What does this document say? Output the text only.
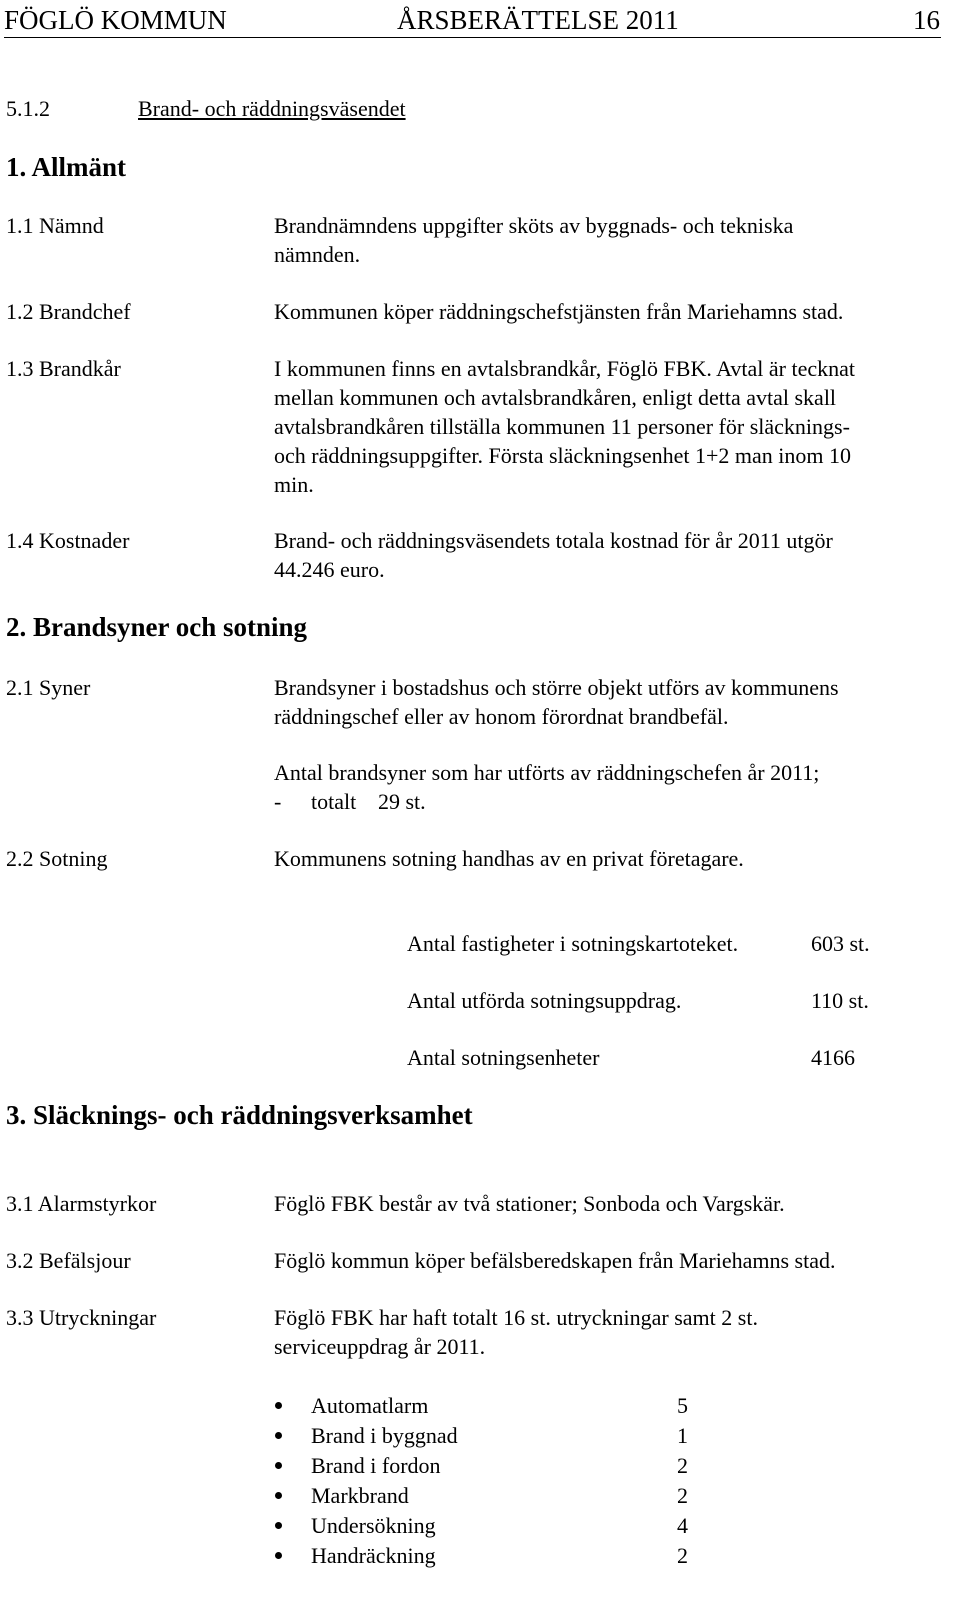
FÖGLÖ KOMMUN	ÅRSBERÄTTELSE 2011	16
5.1.2	Brand- och räddningsväsendet
1. Allmänt
1.1 Nämnd	Brandnämndens uppgifter sköts av byggnads- och tekniska nämnden.
1.2 Brandchef	Kommunen köper räddningschefstjänsten från Mariehamns stad.
1.3 Brandkår	I kommunen finns en avtalsbrandkår, Föglö FBK. Avtal är tecknat
mellan kommunen och avtalsbrandkåren, enligt detta avtal skall
avtalsbrandkåren tillställa kommunen 11 personer för släcknings-
och räddningsuppgifter. Första släckningsenhet 1+2 man inom 10
min.
1.4 Kostnader	Brand- och räddningsväsendets totala kostnad för år 2011 utgör
44.246 euro.
2. Brandsyner och sotning
2.1 Syner	Brandsyner i bostadshus och större objekt utförs av kommunens
räddningschef eller av honom förordnat brandbefäl.
Antal brandsyner som har utförts av räddningschefen år 2011;
- totalt 29 st.
2.2 Sotning	Kommunens sotning handhas av en privat företagare.
Antal fastigheter i sotningskartoteket.	603 st.
Antal utförda sotningsuppdrag.	110 st.
Antal sotningsenheter	4166
3. Släcknings- och räddningsverksamhet
3.1 Alarmstyrkor	Föglö FBK består av två stationer; Sonboda och Vargskär.
3.2 Befälsjour	Föglö kommun köper befälsberedskapen från Mariehamns stad.
3.3 Utryckningar	Föglö FBK har haft totalt 16 st. utryckningar samt 2 st.
serviceuppdrag år 2011.
Automatlarm	5
Brand i byggnad	1
Brand i fordon	2
Markbrand	2
Undersökning	4
Handräckning	2
